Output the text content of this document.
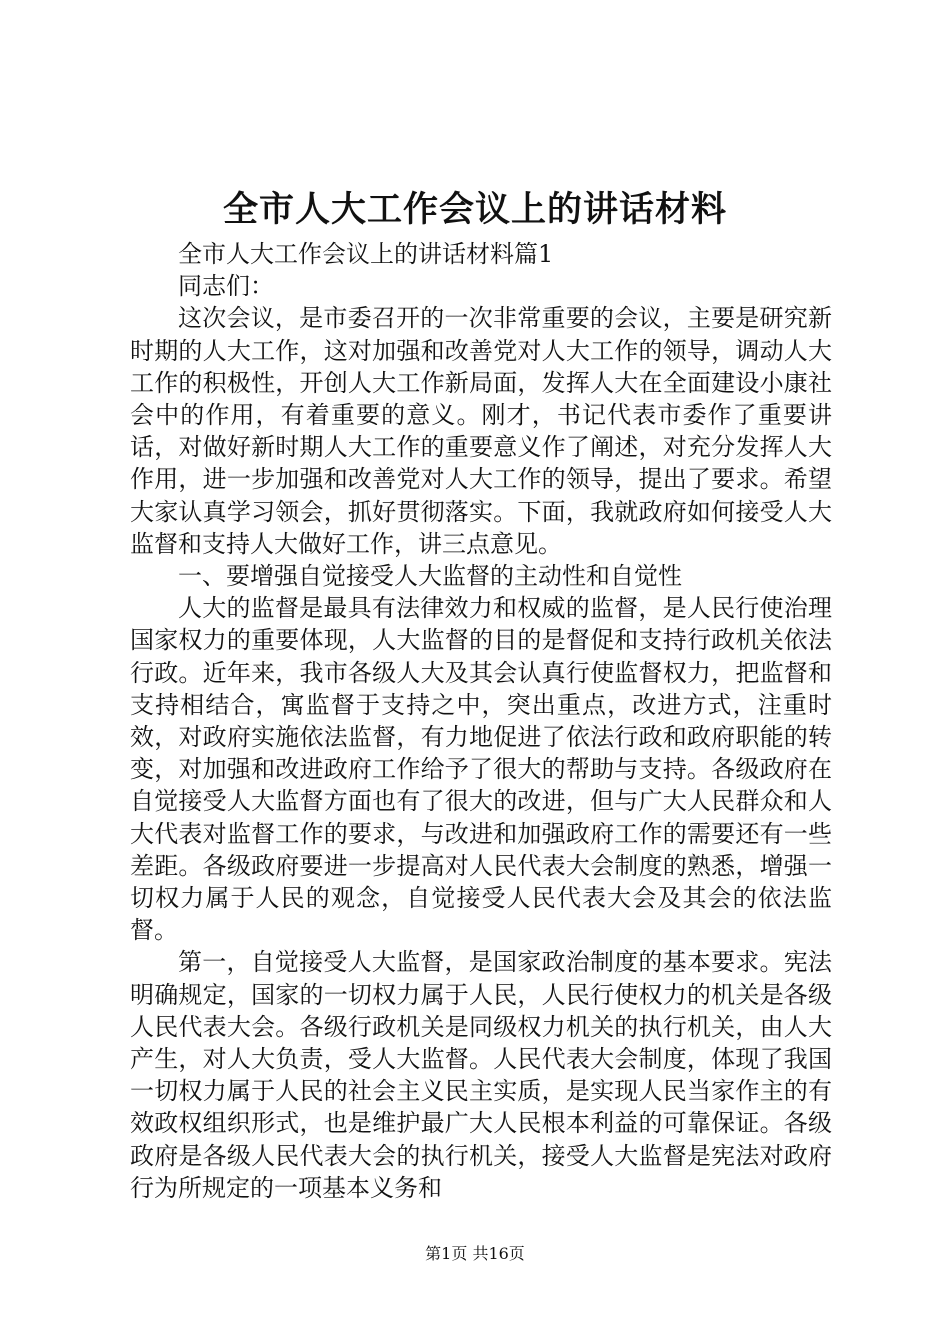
全市人大工作会议上的讲话材料

全市人大工作会议上的讲话材料篇1

同志们：

这次会议，是市委召开的一次非常重要的会议，主要是研究新时期的人大工作，这对加强和改善党对人大工作的领导，调动人大工作的积极性，开创人大工作新局面，发挥人大在全面建设小康社会中的作用，有着重要的意义。刚才，书记代表市委作了重要讲话，对做好新时期人大工作的重要意义作了阐述，对充分发挥人大作用，进一步加强和改善党对人大工作的领导，提出了要求。希望大家认真学习领会，抓好贯彻落实。下面，我就政府如何接受人大监督和支持人大做好工作，讲三点意见。

一、要增强自觉接受人大监督的主动性和自觉性

人大的监督是最具有法律效力和权威的监督，是人民行使治理国家权力的重要体现，人大监督的目的是督促和支持行政机关依法行政。近年来，我市各级人大及其会认真行使监督权力，把监督和支持相结合，寓监督于支持之中，突出重点，改进方式，注重时效，对政府实施依法监督，有力地促进了依法行政和政府职能的转变，对加强和改进政府工作给予了很大的帮助与支持。各级政府在自觉接受人大监督方面也有了很大的改进，但与广大人民群众和人大代表对监督工作的要求，与改进和加强政府工作的需要还有一些差距。各级政府要进一步提高对人民代表大会制度的熟悉，增强一切权力属于人民的观念，自觉接受人民代表大会及其会的依法监督。

第一，自觉接受人大监督，是国家政治制度的基本要求。宪法明确规定，国家的一切权力属于人民，人民行使权力的机关是各级人民代表大会。各级行政机关是同级权力机关的执行机关，由人大产生，对人大负责，受人大监督。人民代表大会制度，体现了我国一切权力属于人民的社会主义民主实质，是实现人民当家作主的有效政权组织形式，也是维护最广大人民根本利益的可靠保证。各级政府是各级人民代表大会的执行机关，接受人大监督是宪法对政府行为所规定的一项基本义务和

第1页 共16页
